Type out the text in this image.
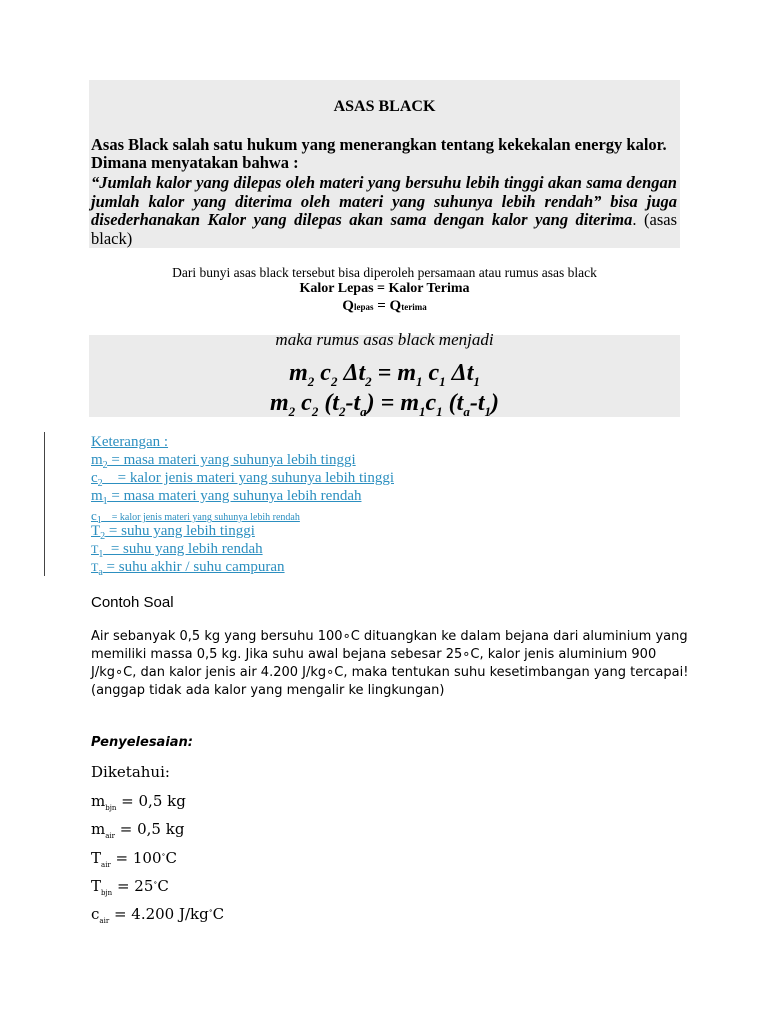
ASAS BLACK
Asas Black salah satu hukum yang menerangkan tentang kekekalan energy kalor. Dimana menyatakan bahwa :
“Jumlah kalor yang dilepas oleh materi yang bersuhu lebih tinggi akan sama dengan jumlah kalor yang diterima oleh materi yang suhunya lebih rendah” bisa juga disederhanakan Kalor yang dilepas akan sama dengan kalor yang diterima. (asas black)
Dari bunyi asas black tersebut bisa diperoleh persamaan atau rumus asas black
Kalor Lepas = Kalor Terima
Qlepas = Qterima
maka rumus asas black menjadi
$m_2$ $c_2$ $\Delta t_2 = m_1$ $c_1$ $\Delta t_1$
$m_2$ $c_2$ $(t_2-t_a) = m_1c_1$ $(t_a-t_1)$
Keterangan :
$m_2$ = masa materi yang suhunya lebih tinggi
$c_2$    = kalor jenis materi yang suhunya lebih tinggi
$m_1$ = masa materi yang suhunya lebih rendah
$c_1$    = kalor jenis materi yang suhunya lebih rendah
$T_2$ = suhu yang lebih tinggi
$T_1$  = suhu yang lebih rendah
$T_a$ = suhu akhir / suhu campuran
Contoh Soal
Air sebanyak 0,5 kg yang bersuhu 100∘C dituangkan ke dalam bejana dari aluminium yang memiliki massa 0,5 kg. Jika suhu awal bejana sebesar 25∘C, kalor jenis aluminium 900 J/kg∘C, dan kalor jenis air 4.200 J/kg∘C, maka tentukan suhu kesetimbangan yang tercapai! (anggap tidak ada kalor yang mengalir ke lingkungan)
Penyelesaian:
Diketahui:
$m_{bjn} = 0,5$ kg
$m_{air} = 0,5$ kg
$T_{air} = 100^\circ C$
$T_{bjn} = 25^\circ C$
$c_{air} = 4.200$ J/kg∘C
